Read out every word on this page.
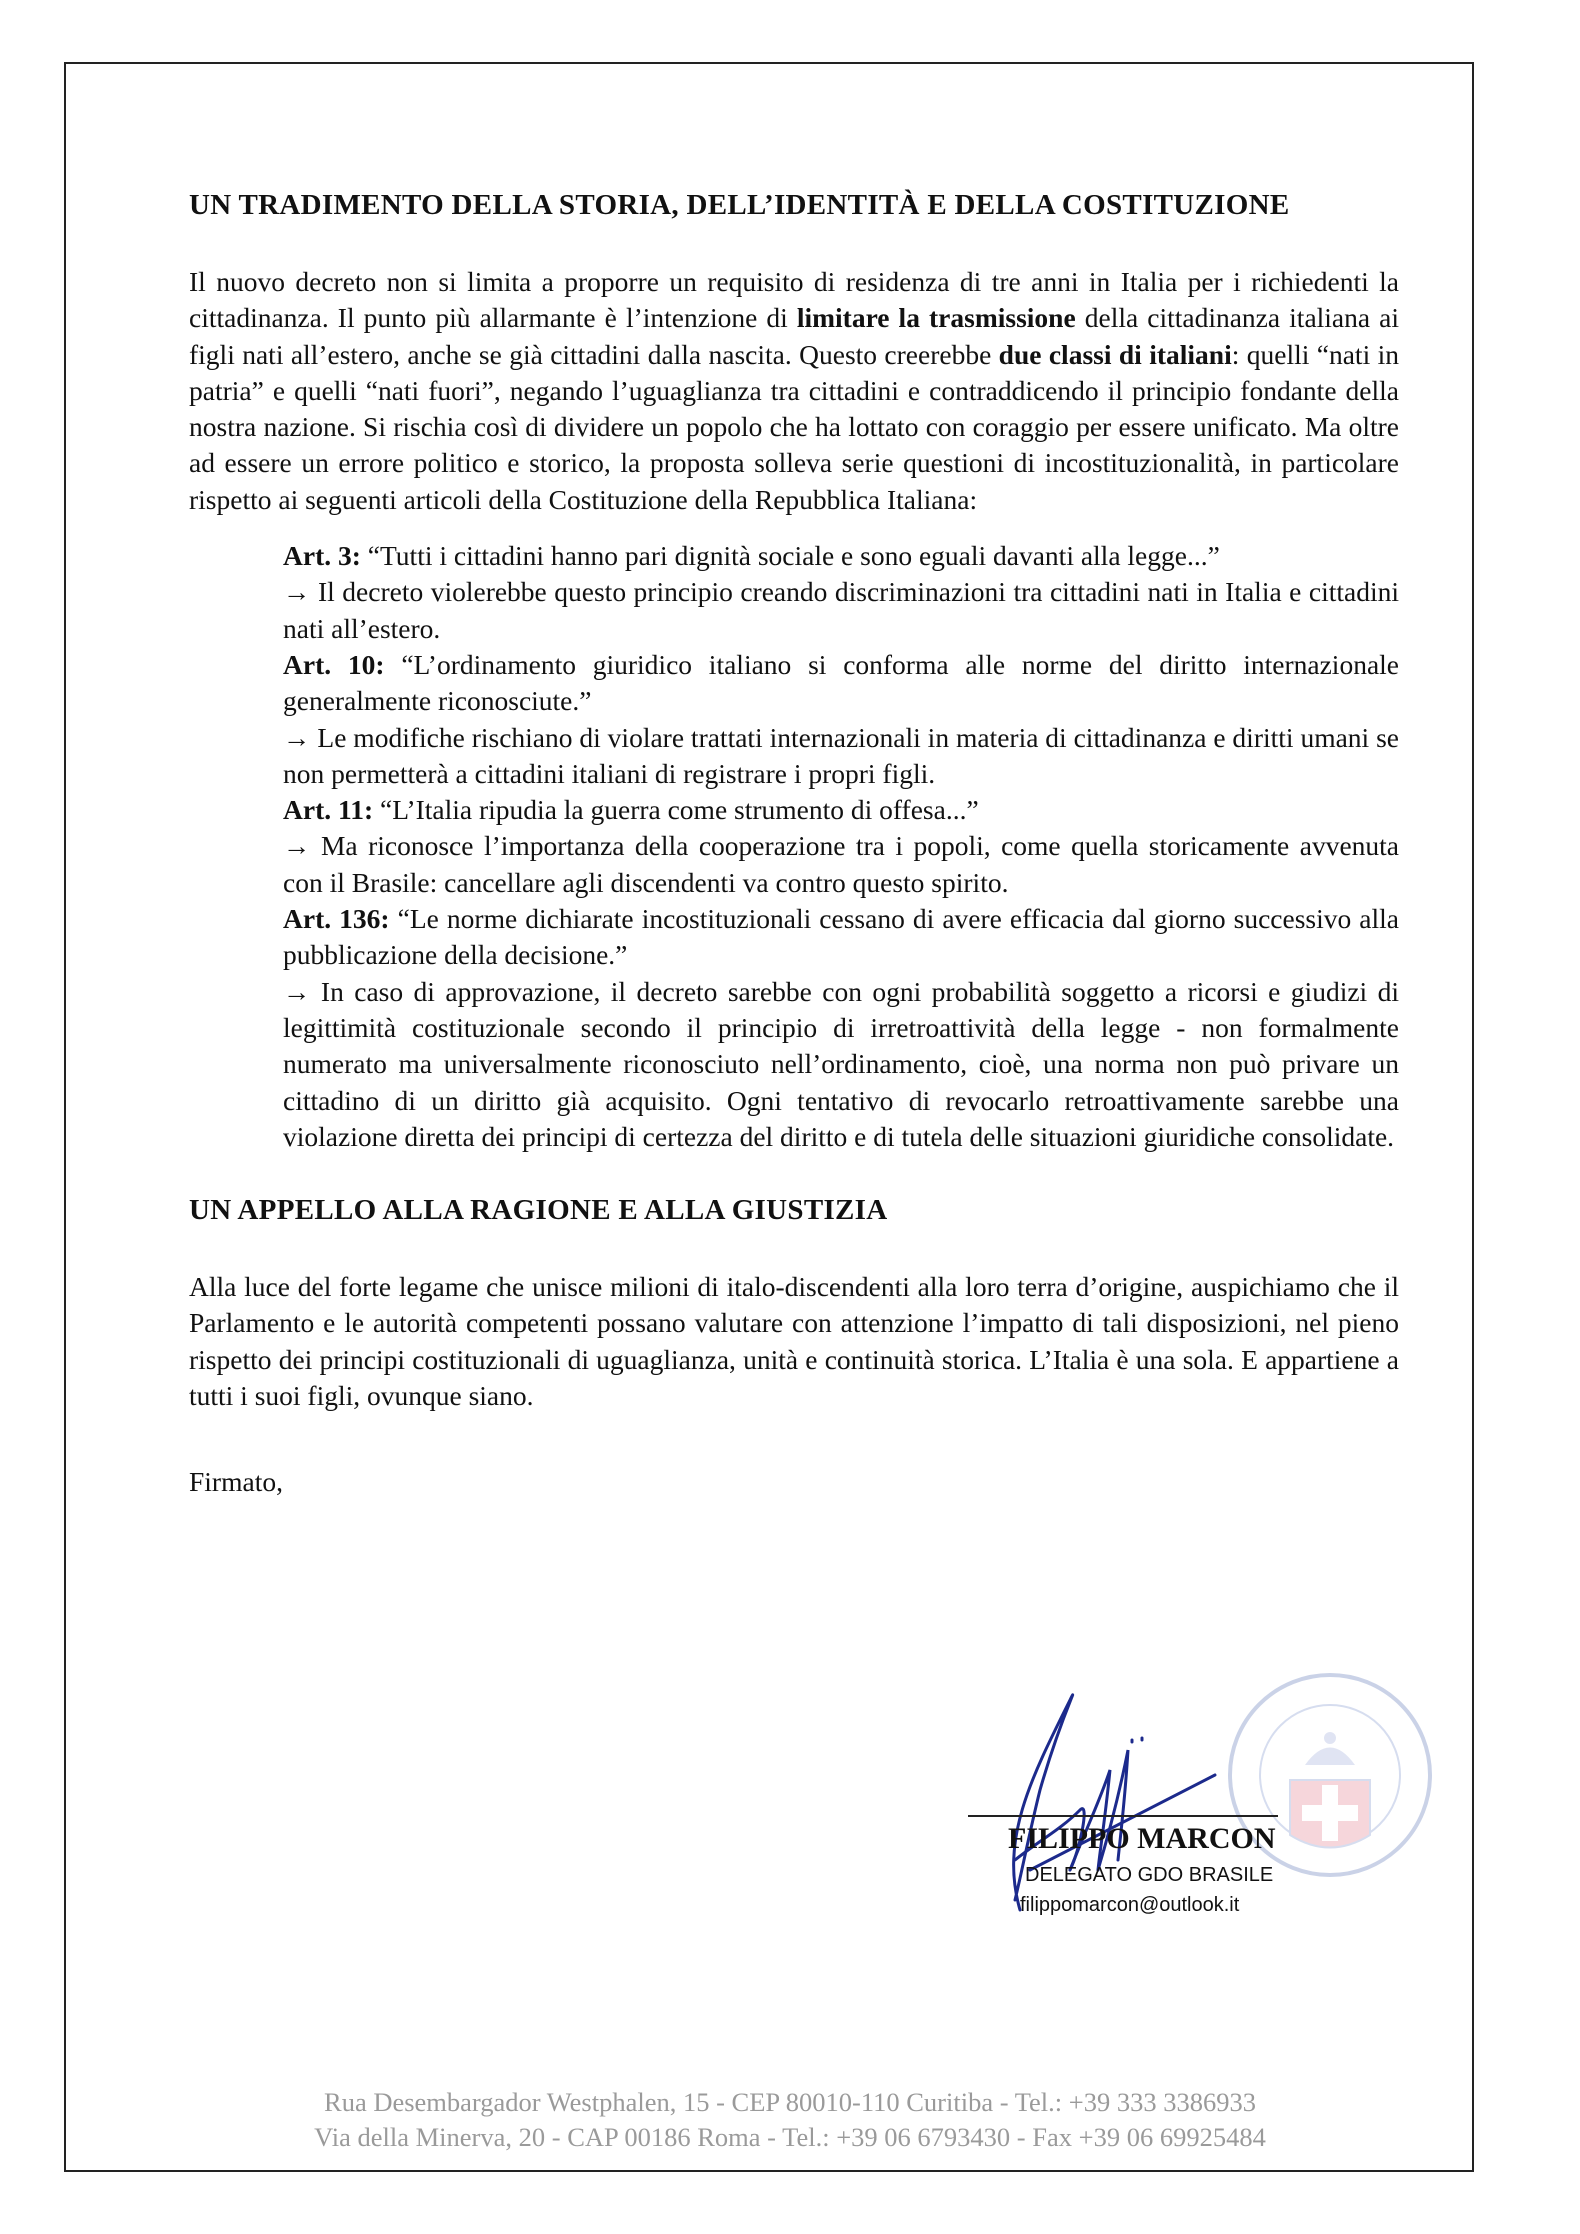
UN TRADIMENTO DELLA STORIA, DELL’IDENTITÀ E DELLA COSTITUZIONE

Il nuovo decreto non si limita a proporre un requisito di residenza di tre anni in Italia per i richiedenti la cittadinanza. Il punto più allarmante è l’intenzione di limitare la trasmissione della cittadinanza italiana ai figli nati all’estero, anche se già cittadini dalla nascita. Questo creerebbe due classi di italiani: quelli “nati in patria” e quelli “nati fuori”, negando l’uguaglianza tra cittadini e contraddicendo il principio fondante della nostra nazione. Si rischia così di dividere un popolo che ha lottato con coraggio per essere unificato. Ma oltre ad essere un errore politico e storico, la proposta solleva serie questioni di incostituzionalità, in particolare rispetto ai seguenti articoli della Costituzione della Repubblica Italiana:

Art. 3: “Tutti i cittadini hanno pari dignità sociale e sono eguali davanti alla legge...”

→ Il decreto violerebbe questo principio creando discriminazioni tra cittadini nati in Italia e cittadini nati all’estero.

Art. 10: “L’ordinamento giuridico italiano si conforma alle norme del diritto internazionale generalmente riconosciute.”

→ Le modifiche rischiano di violare trattati internazionali in materia di cittadinanza e diritti umani se non permetterà a cittadini italiani di registrare i propri figli.

Art. 11: “L’Italia ripudia la guerra come strumento di offesa...”

→ Ma riconosce l’importanza della cooperazione tra i popoli, come quella storicamente avvenuta con il Brasile: cancellare agli discendenti va contro questo spirito.

Art. 136: “Le norme dichiarate incostituzionali cessano di avere efficacia dal giorno successivo alla pubblicazione della decisione.”

→ In caso di approvazione, il decreto sarebbe con ogni probabilità soggetto a ricorsi e giudizi di legittimità costituzionale secondo il principio di irretroattività della legge - non formalmente numerato ma universalmente riconosciuto nell’ordinamento, cioè, una norma non può privare un cittadino di un diritto già acquisito. Ogni tentativo di revocarlo retroattivamente sarebbe una violazione diretta dei principi di certezza del diritto e di tutela delle situazioni giuridiche consolidate.

UN APPELLO ALLA RAGIONE E ALLA GIUSTIZIA

Alla luce del forte legame che unisce milioni di italo-discendenti alla loro terra d’origine, auspichiamo che il Parlamento e le autorità competenti possano valutare con attenzione l’impatto di tali disposizioni, nel pieno rispetto dei principi costituzionali di uguaglianza, unità e continuità storica. L’Italia è una sola. E appartiene a tutti i suoi figli, ovunque siano.

Firmato,

FILIPPO MARCON
DELEGATO GDO BRASILE
filippomarcon@outlook.it
Rua Desembargador Westphalen, 15 - CEP 80010-110 Curitiba - Tel.: +39 333 3386933
Via della Minerva, 20 - CAP 00186 Roma - Tel.: +39 06 6793430 - Fax +39 06 69925484
